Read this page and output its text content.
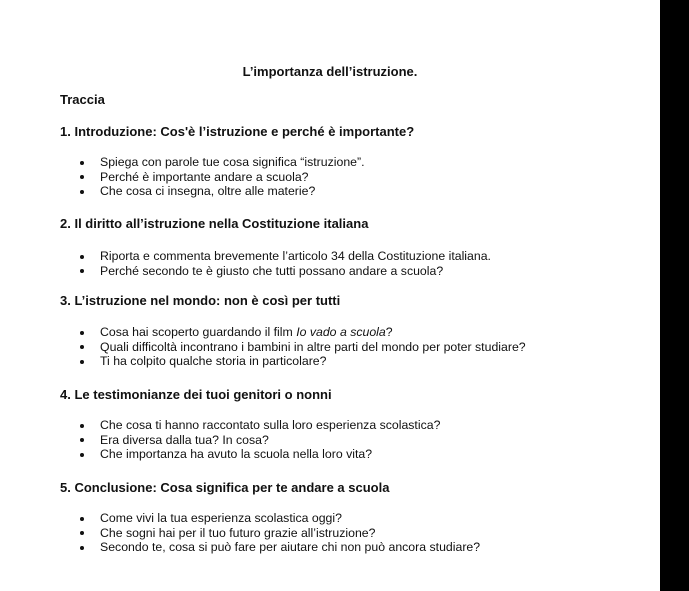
L’importanza dell’istruzione.
Traccia
1. Introduzione: Cos'è l’istruzione e perché è importante?
Spiega con parole tue cosa significa “istruzione”.
Perché è importante andare a scuola?
Che cosa ci insegna, oltre alle materie?
2. Il diritto all’istruzione nella Costituzione italiana
Riporta e commenta brevemente l’articolo 34 della Costituzione italiana.
Perché secondo te è giusto che tutti possano andare a scuola?
3. L’istruzione nel mondo: non è così per tutti
Cosa hai scoperto guardando il film Io vado a scuola?
Quali difficoltà incontrano i bambini in altre parti del mondo per poter studiare?
Ti ha colpito qualche storia in particolare?
4. Le testimonianze dei tuoi genitori o nonni
Che cosa ti hanno raccontato sulla loro esperienza scolastica?
Era diversa dalla tua? In cosa?
Che importanza ha avuto la scuola nella loro vita?
5. Conclusione: Cosa significa per te andare a scuola
Come vivi la tua esperienza scolastica oggi?
Che sogni hai per il tuo futuro grazie all’istruzione?
Secondo te, cosa si può fare per aiutare chi non può ancora studiare?
